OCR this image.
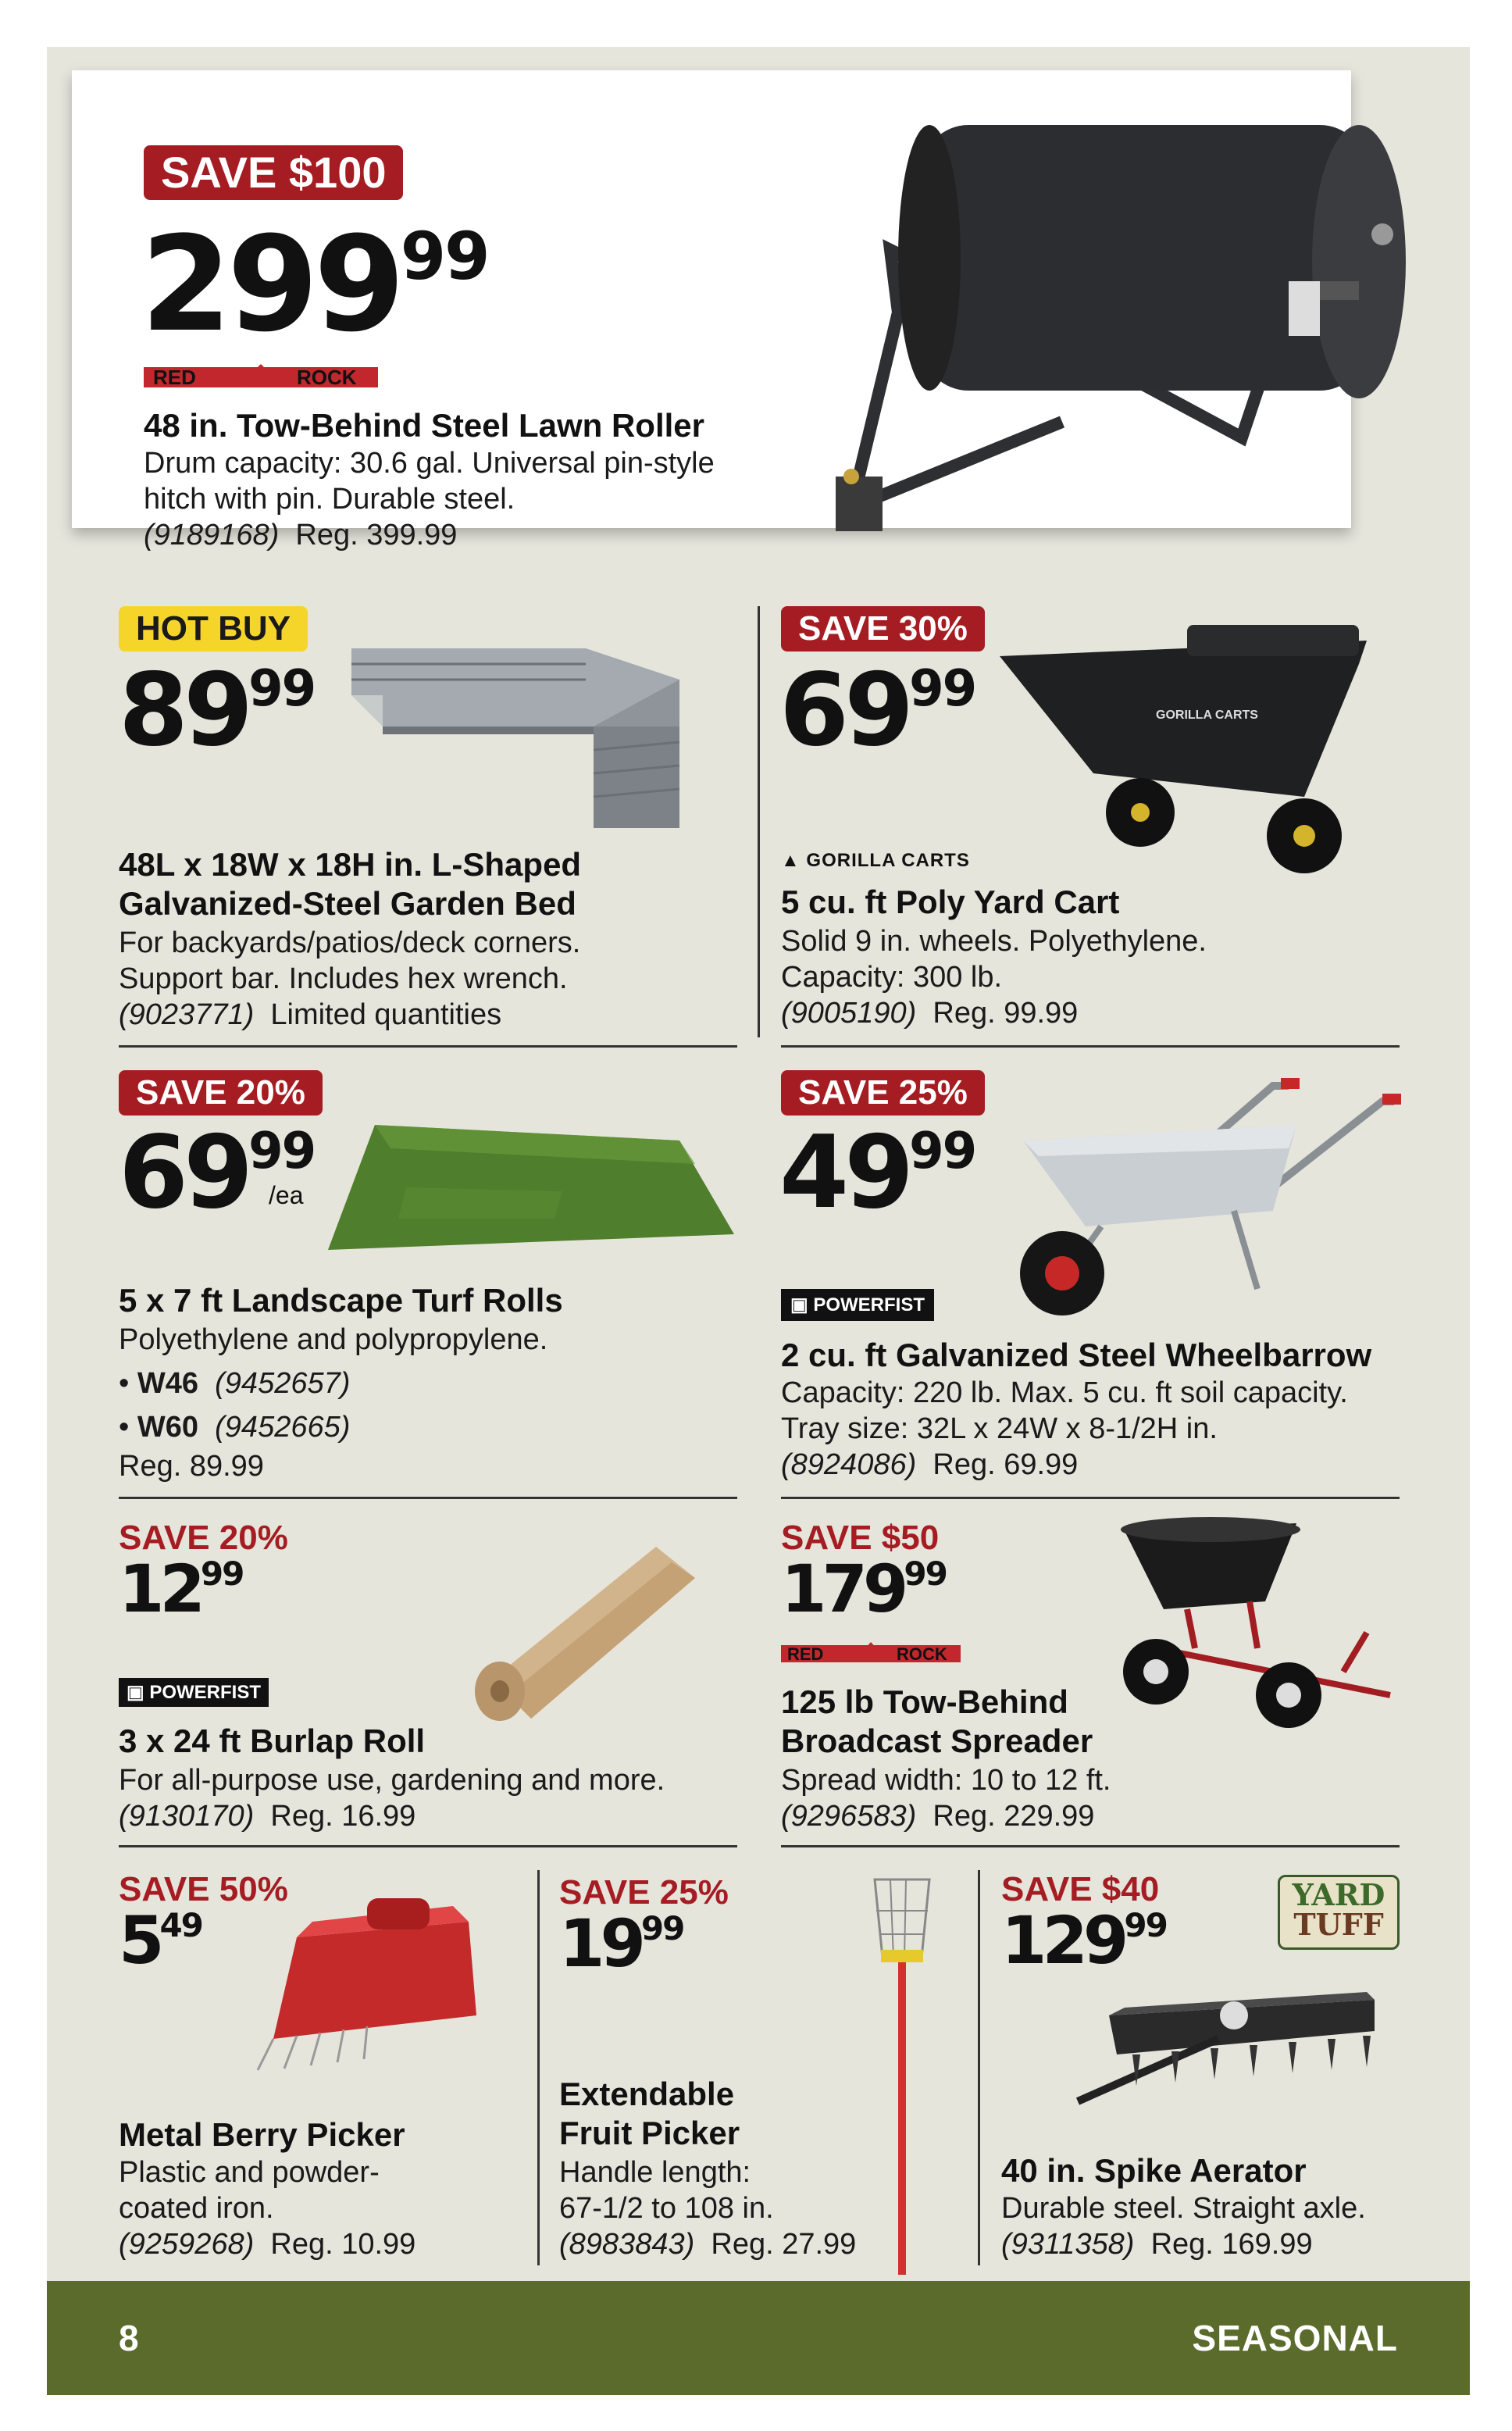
SAVE $100
29999
RED	ROCK
48 in. Tow-Behind Steel Lawn Roller
Drum capacity: 30.6 gal. Universal pin-style
hitch with pin. Durable steel.
(9189168) Reg. 399.99
HOT BUY
8999
48L x 18W x 18H in. L-Shaped
Galvanized-Steel Garden Bed
For backyards/patios/deck corners.
Support bar. Includes hex wrench.
(9023771) Limited quantities
SAVE 30%
6999	GORILLA CARTS
▲ GORILLA CARTS
5 cu. ft Poly Yard Cart
Solid 9 in. wheels. Polyethylene.
Capacity: 300 lb.
(9005190) Reg. 99.99
SAVE 20%
6999
/ea
5 x 7 ft Landscape Turf Rolls
Polyethylene and polypropylene.
• W46 (9452657)
• W60 (9452665)
Reg. 89.99
SAVE 25%
4999
▣ POWERFIST
2 cu. ft Galvanized Steel Wheelbarrow
Capacity: 220 lb. Max. 5 cu. ft soil capacity.
Tray size: 32L x 24W x 8-1/2H in.
(8924086) Reg. 69.99
SAVE 20%
1299
▣ POWERFIST
3 x 24 ft Burlap Roll
For all-purpose use, gardening and more.
(9130170) Reg. 16.99
SAVE $50
17999
RED	ROCK
125 lb Tow-Behind
Broadcast Spreader
Spread width: 10 to 12 ft.
(9296583) Reg. 229.99
SAVE 50%
549
Metal Berry Picker
Plastic and powder-
coated iron.
(9259268) Reg. 10.99
SAVE 25%
1999
Extendable
Fruit Picker
Handle length:
67-1/2 to 108 in.
(8983843) Reg. 27.99
SAVE $40
12999
YARD
TUFF
40 in. Spike Aerator
Durable steel. Straight axle.
(9311358) Reg. 169.99
8	SEASONAL
